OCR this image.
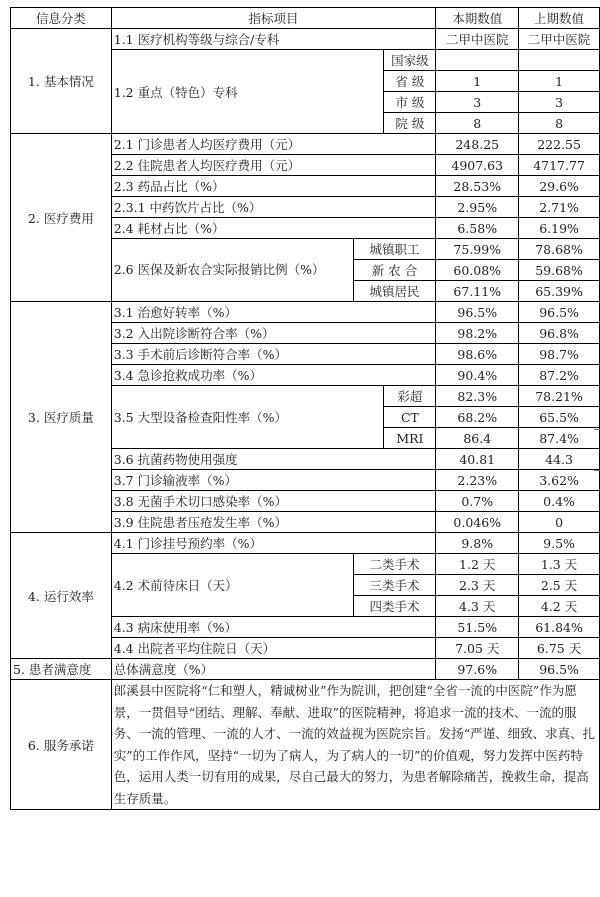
信息分类	指标项目			本期数值	上期数值
1. 基本情况	1.1 医疗机构等级与综合/专科			二甲中医院	二甲中医院
	1.2 重点（特色）专科		国家级		
			省 级	1	1
			市 级	3	3
			院 级	8	8
2. 医疗费用	2.1 门诊患者人均医疗费用（元）			248.25	222.55
	2.2 住院患者人均医疗费用（元）			4907.63	4717.77
	2.3 药品占比（%）			28.53%	29.6%
	2.3.1 中药饮片占比（%）			2.95%	2.71%
	2.4 耗材占比（%）			6.58%	6.19%
	2.6 医保及新农合实际报销比例（%）	城镇职工		75.99%	78.68%
		新 农 合		60.08%	59.68%
		城镇居民		67.11%	65.39%
3. 医疗质量	3.1 治愈好转率（%）			96.5%	96.5%
	3.2 入出院诊断符合率（%）			98.2%	96.8%
	3.3 手术前后诊断符合率（%）			98.6%	98.7%
	3.4 急诊抢救成功率（%）			90.4%	87.2%
	3.5 大型设备检查阳性率（%）		彩超	82.3%	78.21%
			CT	68.2%	65.5%
			MRI	86.4	87.4%
	3.6 抗菌药物使用强度			40.81	44.3
	3.7 门诊输液率（%）			2.23%	3.62%
	3.8 无菌手术切口感染率（%）			0.7%	0.4%
	3.9 住院患者压疮发生率（%）			0.046%	0
4. 运行效率	4.1 门诊挂号预约率（%）			9.8%	9.5%
	4.2 术前待床日（天）	二类手术		1.2 天	1.3 天
		三类手术		2.3 天	2.5 天
		四类手术		4.3 天	4.2 天
	4.3 病床使用率（%）			51.5%	61.84%
	4.4 出院者平均住院日（天）			7.05 天	6.75 天
5. 患者满意度	总体满意度（%）			97.6%	96.5%
6. 服务承诺	郎溪县中医院将“仁和塑人，精诚树业”作为院训，把创建“全省一流的中医院”作为愿景，一贯倡导“团结、理解、奉献、进取”的医院精神，将追求一流的技术、一流的服务、一流的管理、一流的人才、一流的效益视为医院宗旨。发扬“严谨、细致、求真、扎实”的工作作风，坚持“一切为了病人，为了病人的一切”的价值观，努力发挥中医药特色，运用人类一切有用的成果，尽自己最大的努力，为患者解除痛苦，挽救生命，提高生存质量。				
